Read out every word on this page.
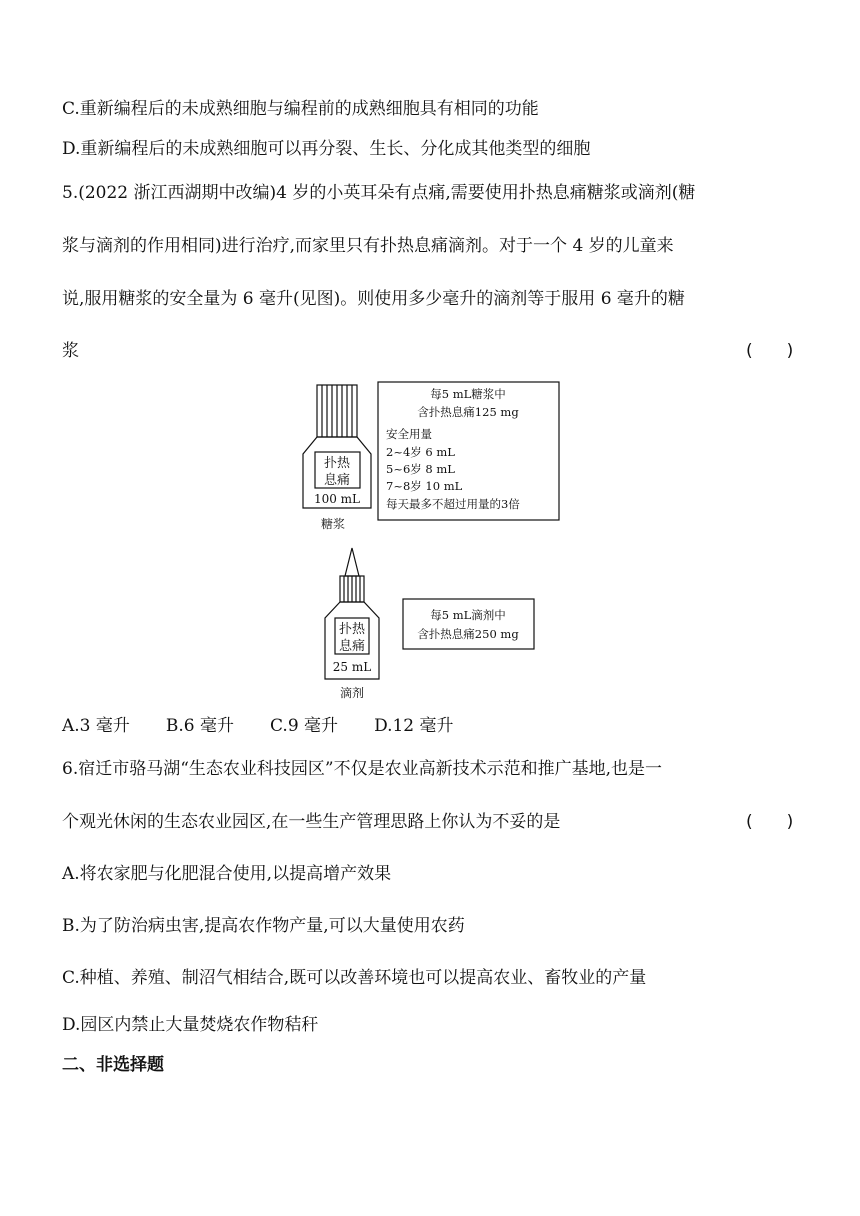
C.重新编程后的未成熟细胞与编程前的成熟细胞具有相同的功能
D.重新编程后的未成熟细胞可以再分裂、生长、分化成其他类型的细胞
5.(2022 浙江西湖期中改编)4 岁的小英耳朵有点痛,需要使用扑热息痛糖浆或滴剂(糖
浆与滴剂的作用相同)进行治疗,而家里只有扑热息痛滴剂。对于一个 4 岁的儿童来
说,服用糖浆的安全量为 6 毫升(见图)。则使用多少毫升的滴剂等于服用 6 毫升的糖
浆	(　　)
扑热
息痛
100 mL
糖浆
每5 mL糖浆中
含扑热息痛125 mg
安全用量
2~4岁 6 mL
5~6岁 8 mL
7~8岁 10 mL
每天最多不超过用量的3倍
扑热
息痛
25 mL
滴剂
每5 mL滴剂中
含扑热息痛250 mg
A.3 毫升 B.6 毫升 C.9 毫升 D.12 毫升
6.宿迁市骆马湖“生态农业科技园区”不仅是农业高新技术示范和推广基地,也是一
个观光休闲的生态农业园区,在一些生产管理思路上你认为不妥的是	(　　)
A.将农家肥与化肥混合使用,以提高增产效果
B.为了防治病虫害,提高农作物产量,可以大量使用农药
C.种植、养殖、制沼气相结合,既可以改善环境也可以提高农业、畜牧业的产量
D.园区内禁止大量焚烧农作物秸秆
二、非选择题
